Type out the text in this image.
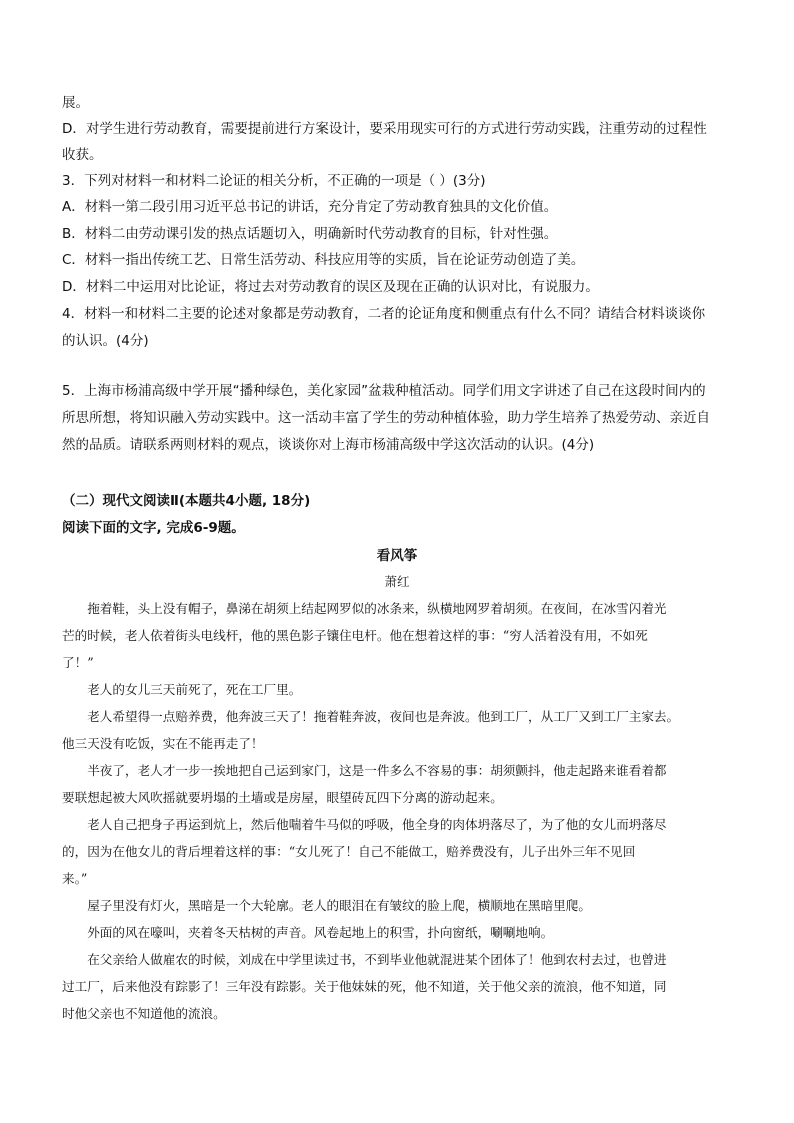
展。
D．对学生进行劳动教育，需要提前进行方案设计，要采用现实可行的方式进行劳动实践，注重劳动的过程性
收获。
3．下列对材料一和材料二论证的相关分析，不正确的一项是（ ）(3分)
A．材料一第二段引用习近平总书记的讲话，充分肯定了劳动教育独具的文化价值。
B．材料二由劳动课引发的热点话题切入，明确新时代劳动教育的目标，针对性强。
C．材料一指出传统工艺、日常生活劳动、科技应用等的实质，旨在论证劳动创造了美。
D．材料二中运用对比论证，将过去对劳动教育的误区及现在正确的认识对比，有说服力。
4．材料一和材料二主要的论述对象都是劳动教育，二者的论证角度和侧重点有什么不同？请结合材料谈谈你
的认识。(4分)
5．上海市杨浦高级中学开展“播种绿色，美化家园”盆栽种植活动。同学们用文字讲述了自己在这段时间内的
所思所想，将知识融入劳动实践中。这一活动丰富了学生的劳动种植体验，助力学生培养了热爱劳动、亲近自
然的品质。请联系两则材料的观点，谈谈你对上海市杨浦高级中学这次活动的认识。(4分)
（二）现代文阅读Ⅱ(本题共4小题, 18分)
阅读下面的文字, 完成6-9题。
看风筝
萧红
　　拖着鞋，头上没有帽子，鼻涕在胡须上结起网罗似的冰条来，纵横地网罗着胡须。在夜间，在冰雪闪着光
芒的时候，老人依着街头电线杆，他的黑色影子镶住电杆。他在想着这样的事：“穷人活着没有用，不如死
了！”
　　老人的女儿三天前死了，死在工厂里。
　　老人希望得一点赔养费，他奔波三天了！拖着鞋奔波，夜间也是奔波。他到工厂，从工厂又到工厂主家去。
他三天没有吃饭，实在不能再走了！
　　半夜了，老人才一步一挨地把自己运到家门，这是一件多么不容易的事：胡须颤抖，他走起路来谁看着都
要联想起被大风吹摇就要坍塌的土墙或是房屋，眼望砖瓦四下分离的游动起来。
　　老人自己把身子再运到炕上，然后他喘着牛马似的呼吸，他全身的肉体坍落尽了，为了他的女儿而坍落尽
的，因为在他女儿的背后埋着这样的事：“女儿死了！自己不能做工，赔养费没有，儿子出外三年不见回
来。”
　　屋子里没有灯火，黑暗是一个大轮廓。老人的眼泪在有皱纹的脸上爬，横顺地在黑暗里爬。
　　外面的风在嚎叫，夹着冬天枯树的声音。风卷起地上的积雪，扑向窗纸，唰唰地响。
　　在父亲给人做雇农的时候，刘成在中学里读过书，不到毕业他就混进某个团体了！他到农村去过，也曾进
过工厂，后来他没有踪影了！三年没有踪影。关于他妹妹的死，他不知道，关于他父亲的流浪，他不知道，同
时他父亲也不知道他的流浪。
